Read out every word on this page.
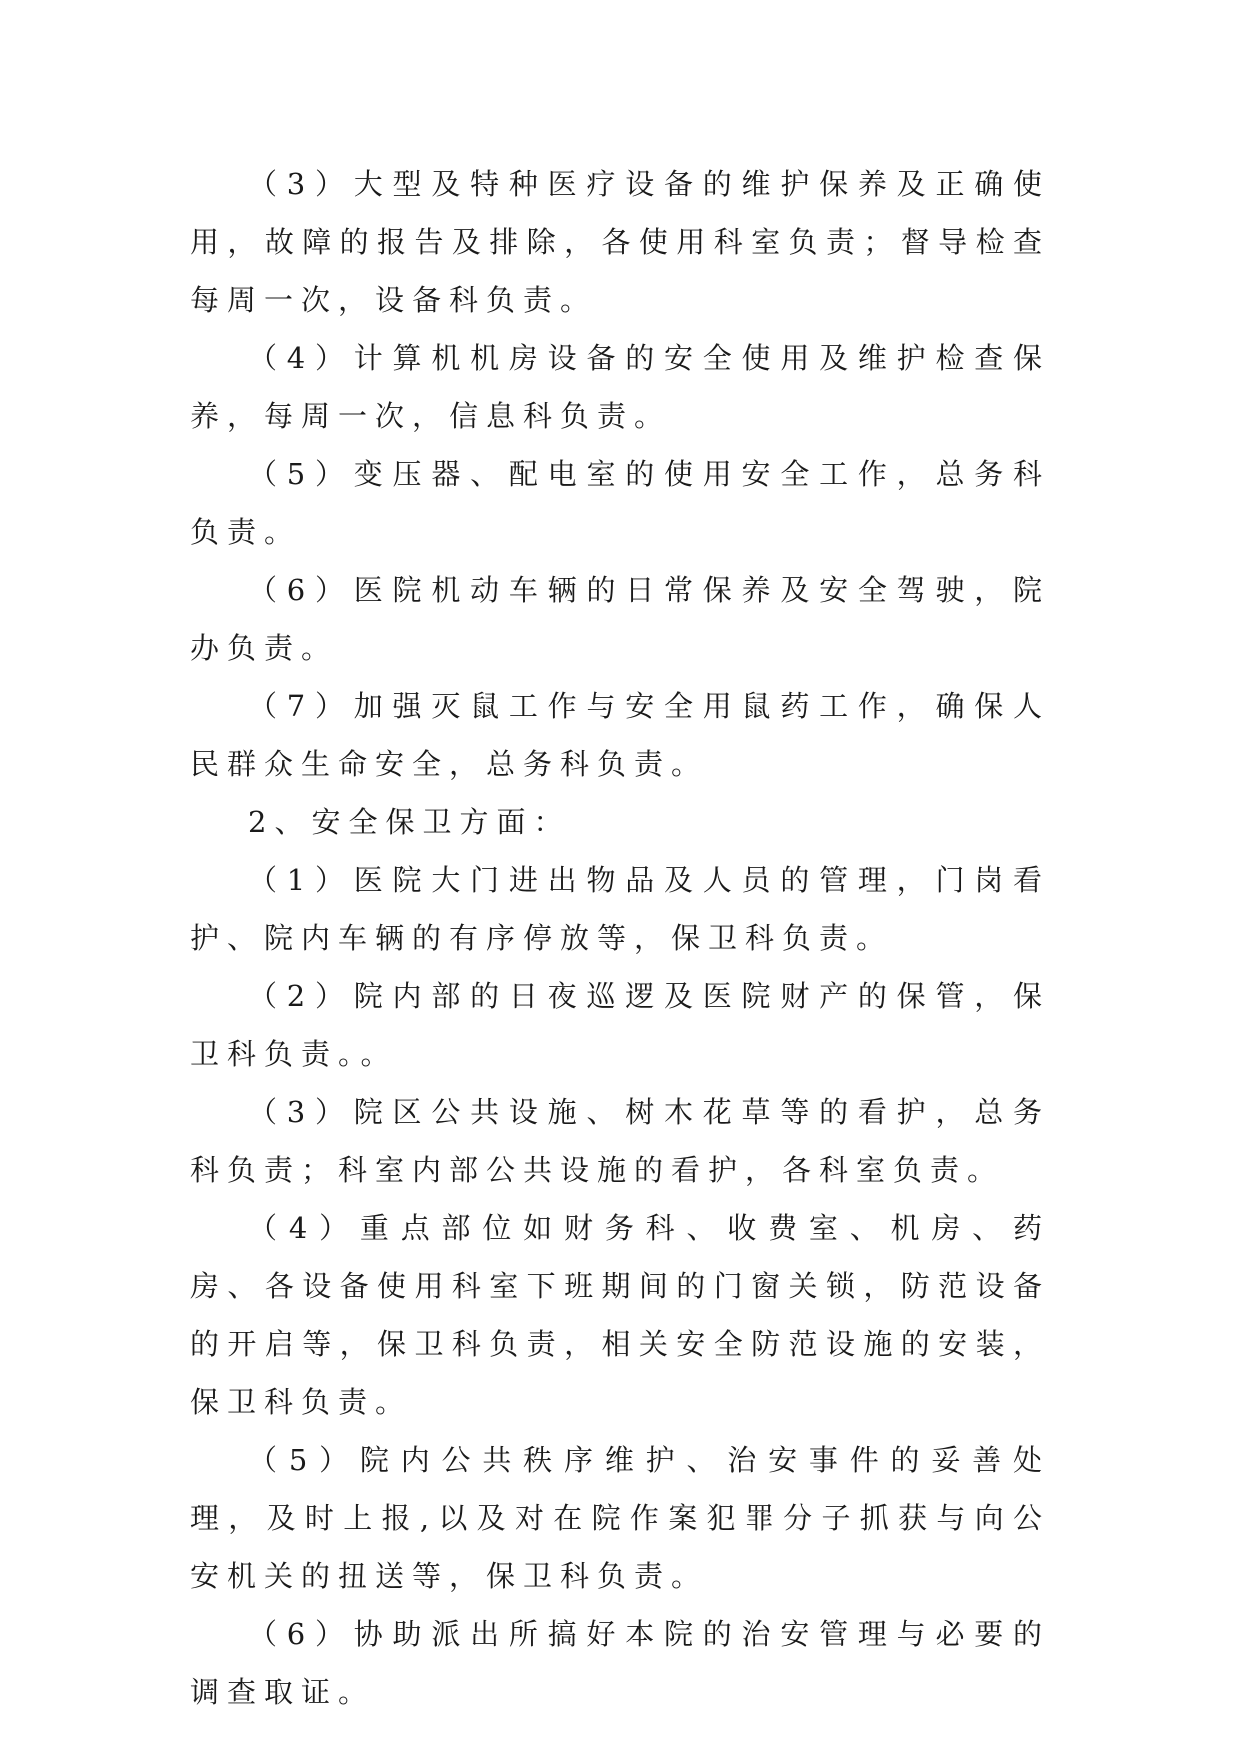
（3）大型及特种医疗设备的维护保养及正确使用，故障的报告及排除，各使用科室负责；督导检查每周一次，设备科负责。

（4）计算机机房设备的安全使用及维护检查保养，每周一次，信息科负责。

（5）变压器、配电室的使用安全工作，总务科负责。

（6）医院机动车辆的日常保养及安全驾驶，院办负责。

（7）加强灭鼠工作与安全用鼠药工作，确保人民群众生命安全，总务科负责。

2、安全保卫方面：

（1）医院大门进出物品及人员的管理，门岗看护、院内车辆的有序停放等，保卫科负责。

（2）院内部的日夜巡逻及医院财产的保管，保卫科负责。。

（3）院区公共设施、树木花草等的看护，总务科负责；科室内部公共设施的看护，各科室负责。

（4）重点部位如财务科、收费室、机房、药房、各设备使用科室下班期间的门窗关锁，防范设备的开启等，保卫科负责，相关安全防范设施的安装，保卫科负责。

（5）院内公共秩序维护、治安事件的妥善处理，及时上报,以及对在院作案犯罪分子抓获与向公安机关的扭送等，保卫科负责。

（6）协助派出所搞好本院的治安管理与必要的调查取证。
